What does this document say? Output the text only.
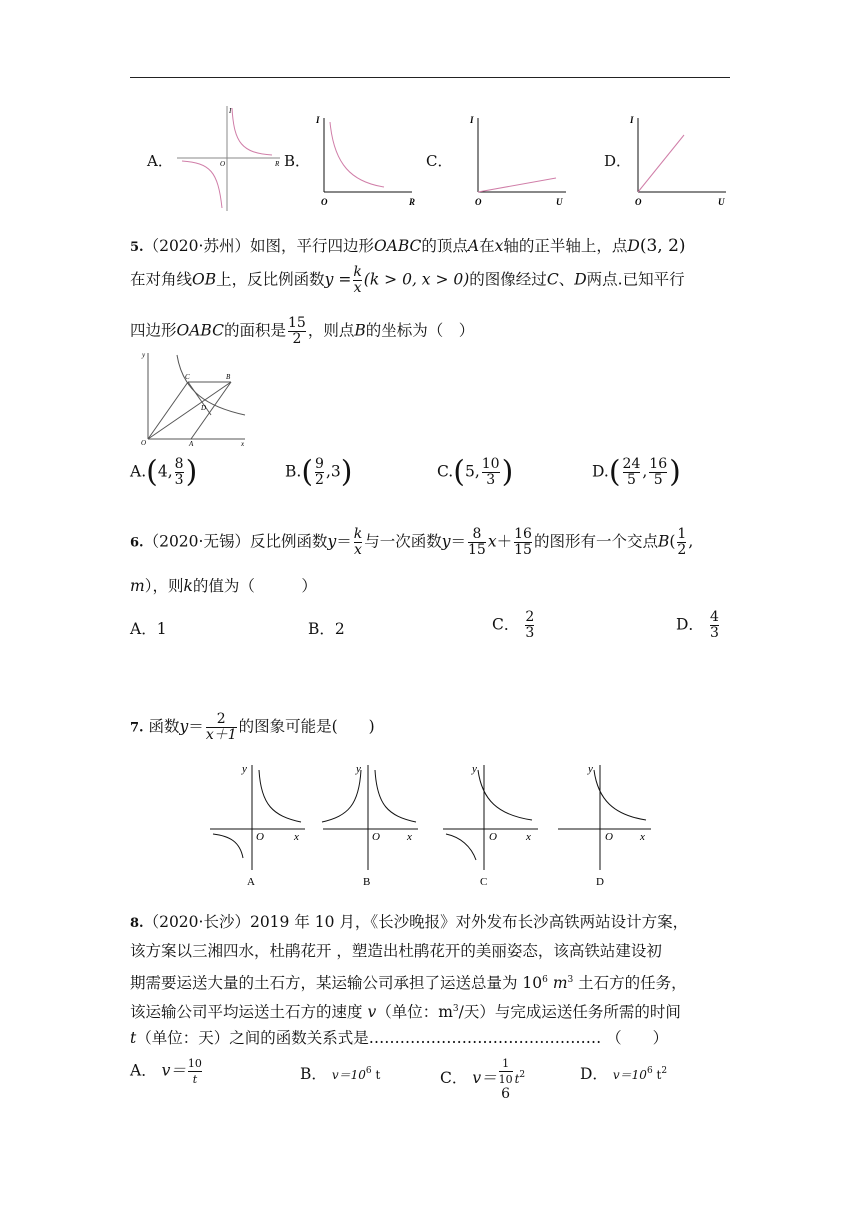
A．
I
O	R B．
I
O	R
C．
I
O	U
D．
I
O	U
5.（2020·苏州）如图，平行四边形OABC的顶点A在x轴的正半轴上，点D(3, 2)
在对角线OB上，反比例函数$y = \frac{k}{x} (k > 0$, x > 0)的图像经过C、D两点.已知平行
四边形OABC的面积是 $\frac{15}{2}$ ，则点B的坐标为（　）
y
C	B
D
O	A	x
A.(4, $\frac{8}{3}$ )	$B.( \frac{9}{2} ,3)$	C.(5, $\frac{10}{3}$ )	$D.( \frac{24}{5}$ , $\frac{16}{5}$ )
6.（2020·无锡）反比例函数$y= \frac{k}{x}$ 与一次函数$y= \frac{8}{15} x+ \frac{16}{15}$ 的图形有一个交点$B( \frac{1}{2}$ ,
m），则k的值为（　　　）
A．1	B．2	C． $\frac{2}{3}$	D． $\frac{4}{3}$
7. 函数$y= \frac{2}{x+1}$ 的图象可能是(　　)
y
O	x
A
y
O x
B
y
O	x
C
y
O x
D
8.（2020·长沙）2019 年 10 月，《长沙晚报》对外发布长沙高铁两站设计方案，
该方案以三湘四水，杜鹃花开 ，塑造出杜鹃花开的美丽姿态，该高铁站建设初
期需要运送大量的土石方，某运输公司承担了运送总量为 $10^6$ $m^3$ 土石方的任务，
该运输公司平均运送土石方的速度 v（单位：$m^3/$天）与完成运送任务所需的时间
t（单位：天）之间的函数关系式是……………………………………… （　　）
A． $v= \frac{10}{t}$	B． $v=10^6$ t	C． v＝ 1
10
6 $t^2$	D． $v=10^6$ $t^2$
